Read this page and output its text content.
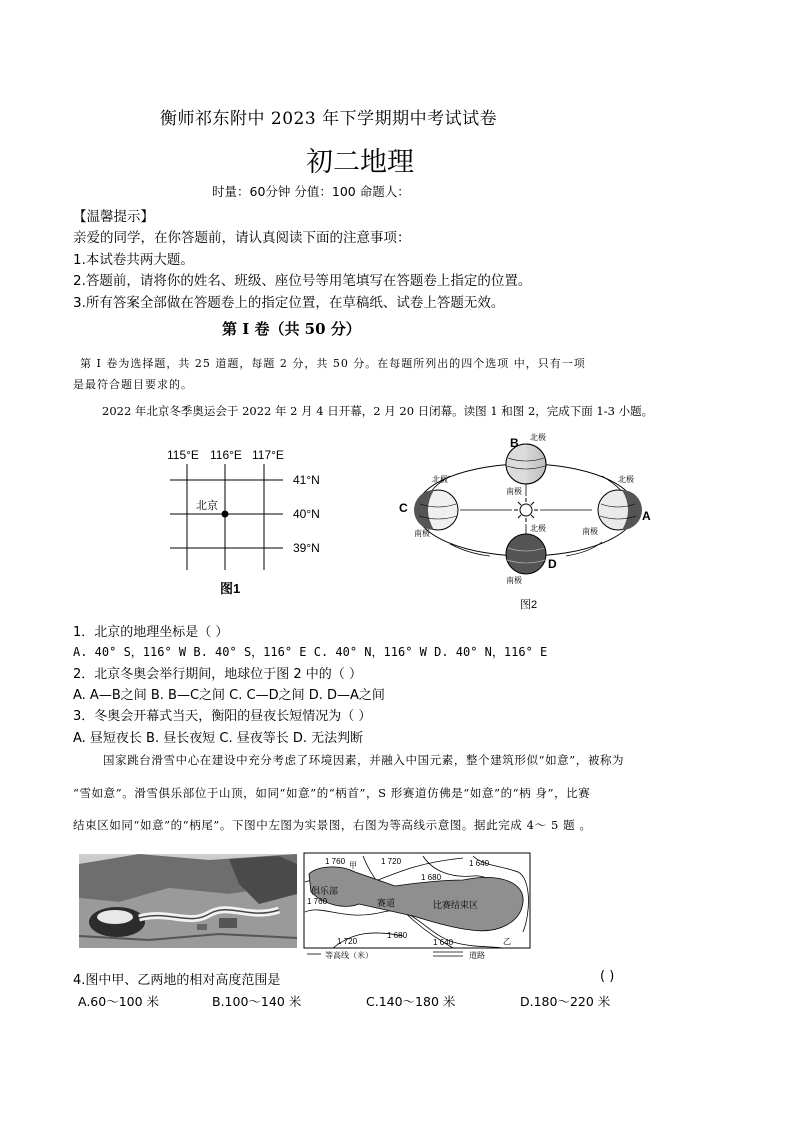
衡师祁东附中 2023 年下学期期中考试试卷
初二地理
时量：60分钟 分值：100 命题人：
【温馨提示】
亲爱的同学，在你答题前，请认真阅读下面的注意事项：
1.本试卷共两大题。
2.答题前，请将你的姓名、班级、座位号等用笔填写在答题卷上指定的位置。
3.所有答案全部做在答题卷上的指定位置，在草稿纸、试卷上答题无效。
第 I 卷（共 50 分）
第 I 卷为选择题，共 25 道题，每题 2 分，共 50 分。在每题所列出的四个选项 中，只有一项
是最符合题目要求的。
2022 年北京冬季奥运会于 2022 年 2 月 4 日开幕，2 月 20 日闭幕。读图 1 和图 2，完成下面 1-3 小题。
115°E 116°E 117°E
41°N
40°N
39°N
北京
图1
B 北极
南极
A
北极
南极
C
北极
南极
D
北极
南极
图2
1．北京的地理坐标是（ ）
A. 40° S，116° W B. 40° S，116° E C. 40° N，116° W D. 40° N，116° E
2．北京冬奥会举行期间，地球位于图 2 中的（ ）
A. A—B之间 B. B—C之间 C. C—D之间 D. D—A之间
3．冬奥会开幕式当天，衡阳的昼夜长短情况为（ ）
A. 昼短夜长 B. 昼长夜短 C. 昼夜等长 D. 无法判断
国家跳台滑雪中心在建设中充分考虑了环境因素，并融入中国元素，整个建筑形似“如意”，被称为
“雪如意”。滑雪俱乐部位于山顶，如同“如意”的“柄首”，S 形赛道仿佛是“如意”的“柄 身”，比赛
结束区如同“如意”的“柄尾”。下图中左图为实景图，右图为等高线示意图。据此完成 4～ 5 题 。
俱乐部
赛道	比赛结束区
甲
乙
1 760	1 720	1 640
1 680
1 760
1 720
1 680
1 640
等高线（米）	道路
4.图中甲、乙两地的相对高度范围是	( )
A.60～100 米	B.100～140 米	C.140～180 米	D.180～220 米
